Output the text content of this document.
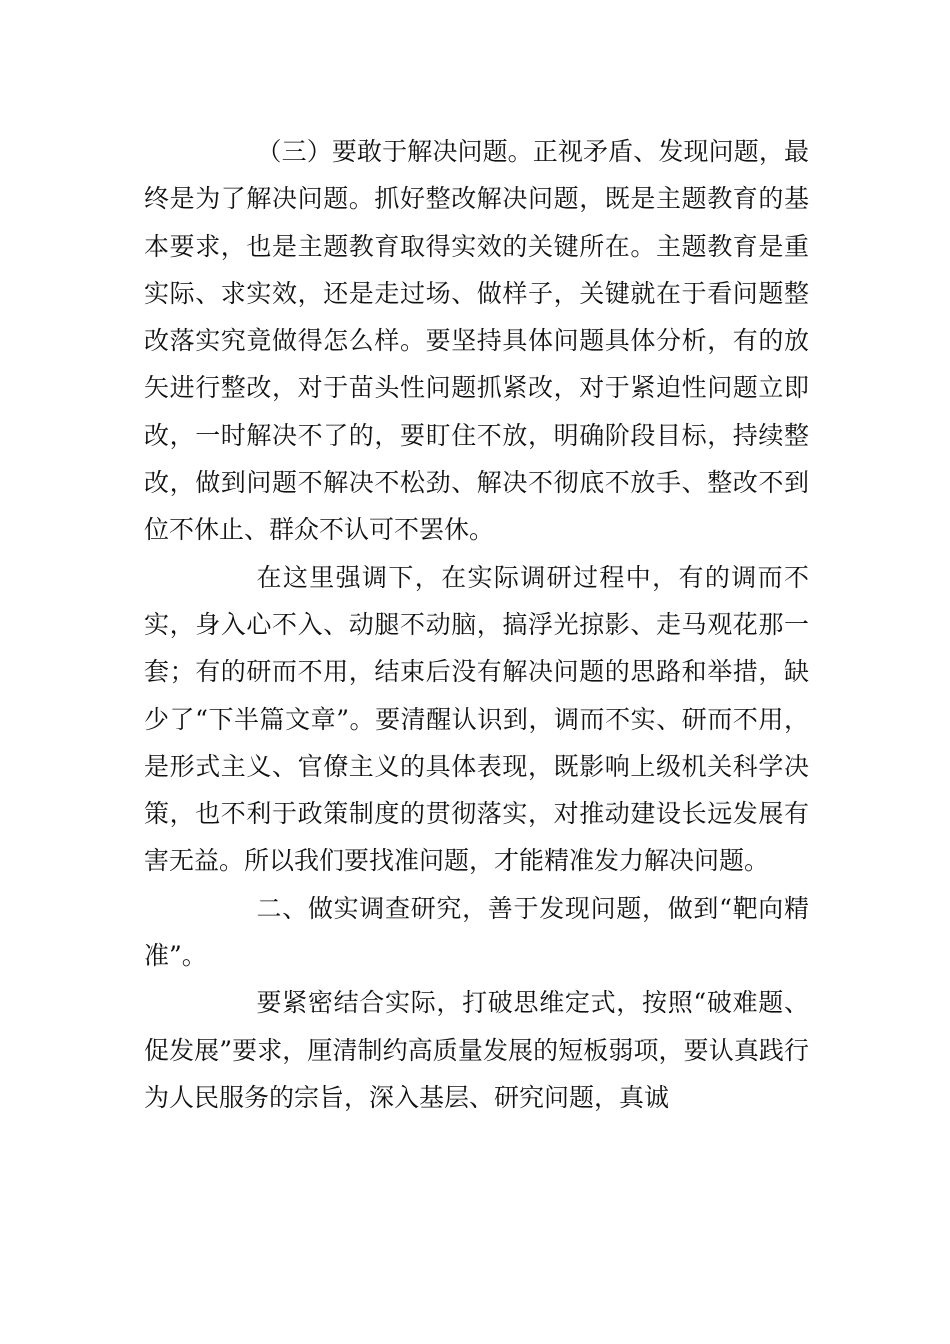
（三）要敢于解决问题。正视矛盾、发现问题，最终是为了解决问题。抓好整改解决问题，既是主题教育的基本要求，也是主题教育取得实效的关键所在。主题教育是重实际、求实效，还是走过场、做样子，关键就在于看问题整改落实究竟做得怎么样。要坚持具体问题具体分析，有的放矢进行整改，对于苗头性问题抓紧改，对于紧迫性问题立即改，一时解决不了的，要盯住不放，明确阶段目标，持续整改，做到问题不解决不松劲、解决不彻底不放手、整改不到位不休止、群众不认可不罢休。

在这里强调下，在实际调研过程中，有的调而不实，身入心不入、动腿不动脑，搞浮光掠影、走马观花那一套；有的研而不用，结束后没有解决问题的思路和举措，缺少了“下半篇文章”。要清醒认识到，调而不实、研而不用，是形式主义、官僚主义的具体表现，既影响上级机关科学决策，也不利于政策制度的贯彻落实，对推动建设长远发展有害无益。所以我们要找准问题，才能精准发力解决问题。

二、做实调查研究，善于发现问题，做到“靶向精准”。

要紧密结合实际，打破思维定式，按照“破难题、促发展”要求，厘清制约高质量发展的短板弱项，要认真践行为人民服务的宗旨，深入基层、研究问题，真诚
